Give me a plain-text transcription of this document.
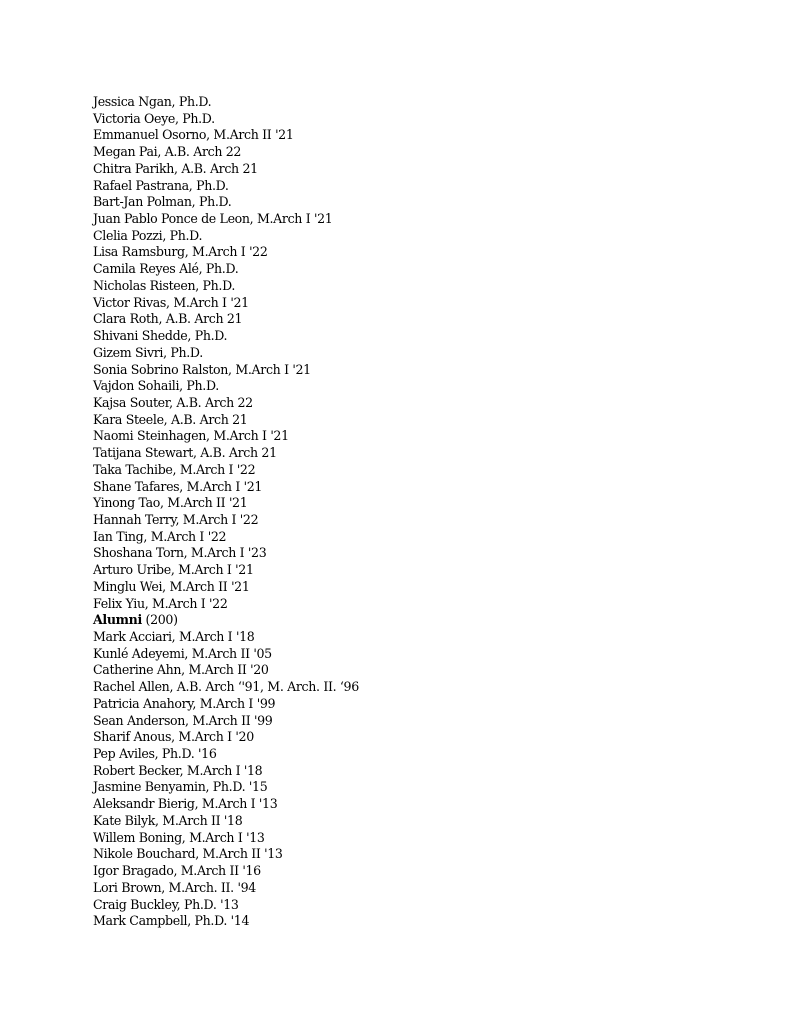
Jessica Ngan, Ph.D.
Victoria Oeye, Ph.D.
Emmanuel Osorno, M.Arch II '21
Megan Pai, A.B. Arch 22
Chitra Parikh, A.B. Arch 21
Rafael Pastrana, Ph.D.
Bart-Jan Polman, Ph.D.
Juan Pablo Ponce de Leon, M.Arch I '21
Clelia Pozzi, Ph.D.
Lisa Ramsburg, M.Arch I '22
Camila Reyes Alé, Ph.D.
Nicholas Risteen, Ph.D.
Victor Rivas, M.Arch I '21
Clara Roth, A.B. Arch 21
Shivani Shedde, Ph.D.
Gizem Sivri, Ph.D.
Sonia Sobrino Ralston, M.Arch I '21
Vajdon Sohaili, Ph.D.
Kajsa Souter, A.B. Arch 22
Kara Steele, A.B. Arch 21
Naomi Steinhagen, M.Arch I '21
Tatijana Stewart, A.B. Arch 21
Taka Tachibe, M.Arch I '22
Shane Tafares, M.Arch I '21
Yinong Tao, M.Arch II '21
Hannah Terry, M.Arch I '22
Ian Ting, M.Arch I '22
Shoshana Torn, M.Arch I '23
Arturo Uribe, M.Arch I '21
Minglu Wei, M.Arch II '21
Felix Yiu, M.Arch I '22
Alumni (200)
Mark Acciari, M.Arch I '18
Kunlé Adeyemi, M.Arch II '05
Catherine Ahn, M.Arch II '20
Rachel Allen, A.B. Arch ‘'91, M. Arch. II. ‘96
Patricia Anahory, M.Arch I '99
Sean Anderson, M.Arch II '99
Sharif Anous, M.Arch I '20
Pep Aviles, Ph.D. '16
Robert Becker, M.Arch I '18
Jasmine Benyamin, Ph.D. '15
Aleksandr Bierig, M.Arch I '13
Kate Bilyk, M.Arch II '18
Willem Boning, M.Arch I '13
Nikole Bouchard, M.Arch II '13
Igor Bragado, M.Arch II '16
Lori Brown, M.Arch. II. '94
Craig Buckley, Ph.D. '13
Mark Campbell, Ph.D. '14
